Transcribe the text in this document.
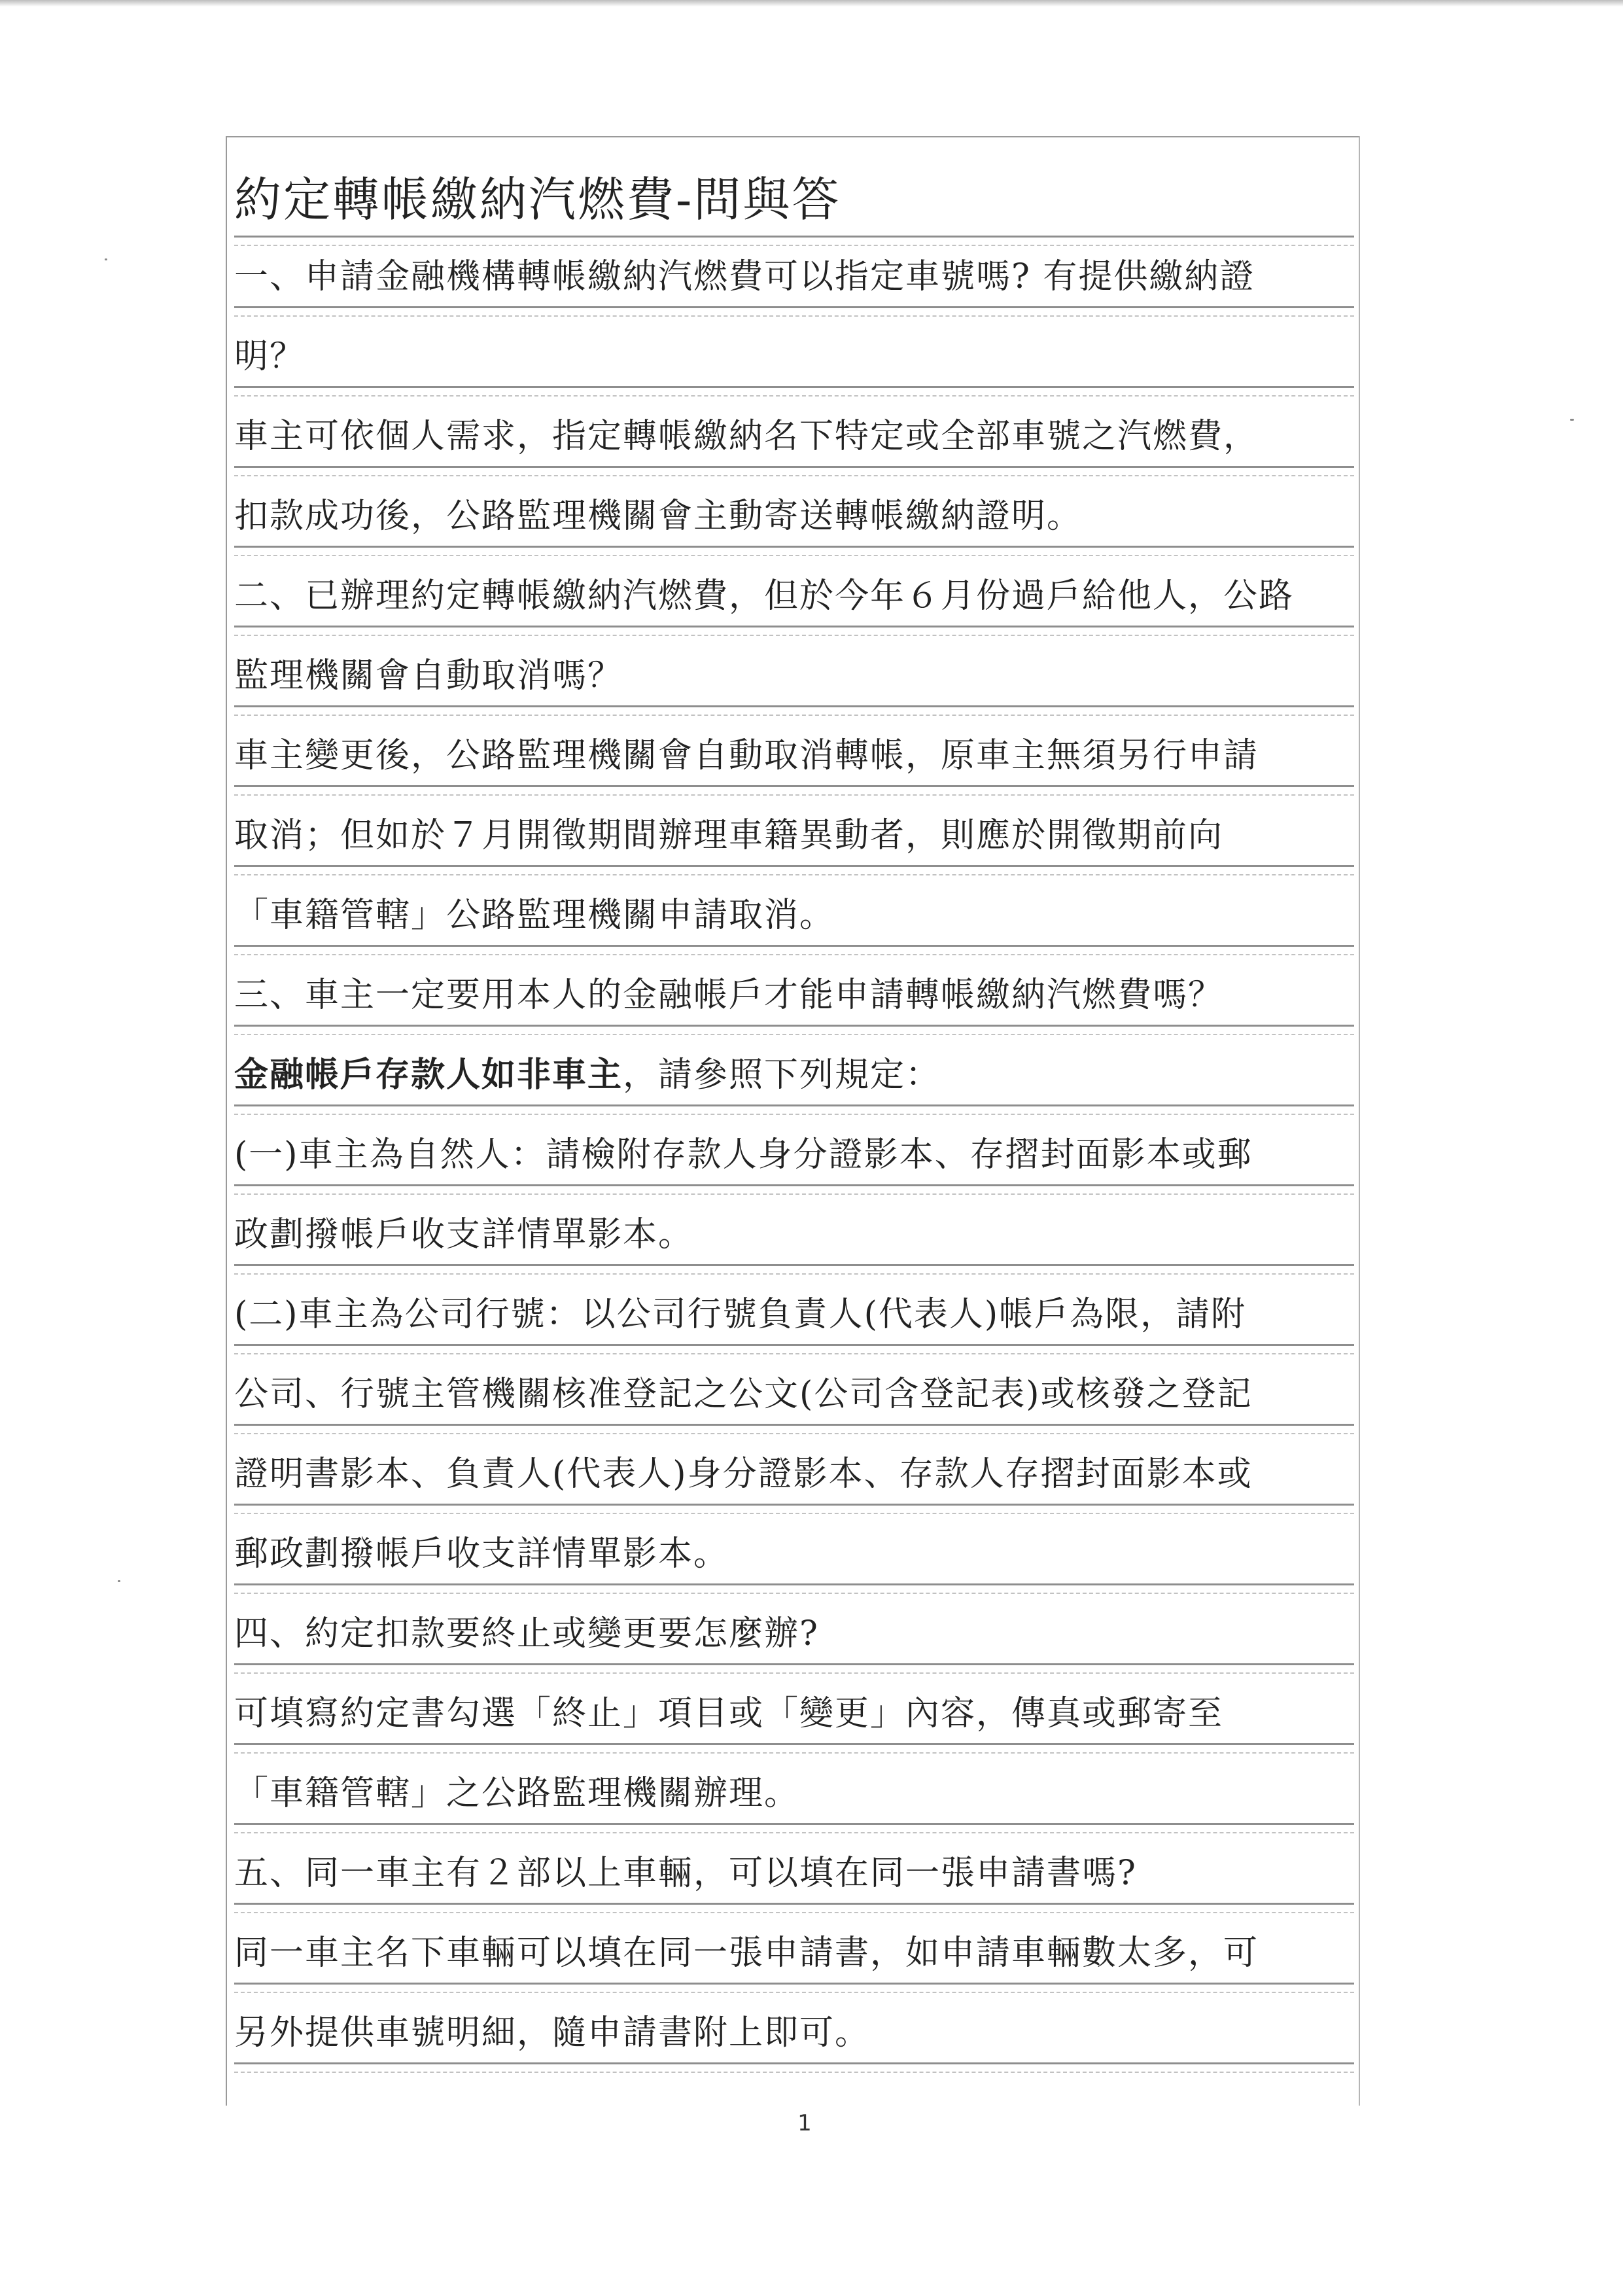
約定轉帳繳納汽燃費-問與答
一、申請金融機構轉帳繳納汽燃費可以指定車號嗎? 有提供繳納證
明？
車主可依個人需求，指定轉帳繳納名下特定或全部車號之汽燃費，
扣款成功後，公路監理機關會主動寄送轉帳繳納證明。
二、已辦理約定轉帳繳納汽燃費，但於今年６月份過戶給他人，公路
監理機關會自動取消嗎？
車主變更後，公路監理機關會自動取消轉帳，原車主無須另行申請
取消；但如於７月開徵期間辦理車籍異動者，則應於開徵期前向
「車籍管轄」公路監理機關申請取消。
三、車主一定要用本人的金融帳戶才能申請轉帳繳納汽燃費嗎？
金融帳戶存款人如非車主，請參照下列規定：
(一)車主為自然人：請檢附存款人身分證影本、存摺封面影本或郵
政劃撥帳戶收支詳情單影本。
(二)車主為公司行號：以公司行號負責人(代表人)帳戶為限，請附
公司、行號主管機關核准登記之公文(公司含登記表)或核發之登記
證明書影本、負責人(代表人)身分證影本、存款人存摺封面影本或
郵政劃撥帳戶收支詳情單影本。
四、約定扣款要終止或變更要怎麼辦?
可填寫約定書勾選「終止」項目或「變更」內容，傳真或郵寄至
「車籍管轄」之公路監理機關辦理。
五、同一車主有２部以上車輛，可以填在同一張申請書嗎?
同一車主名下車輛可以填在同一張申請書，如申請車輛數太多，可
另外提供車號明細，隨申請書附上即可。
1
